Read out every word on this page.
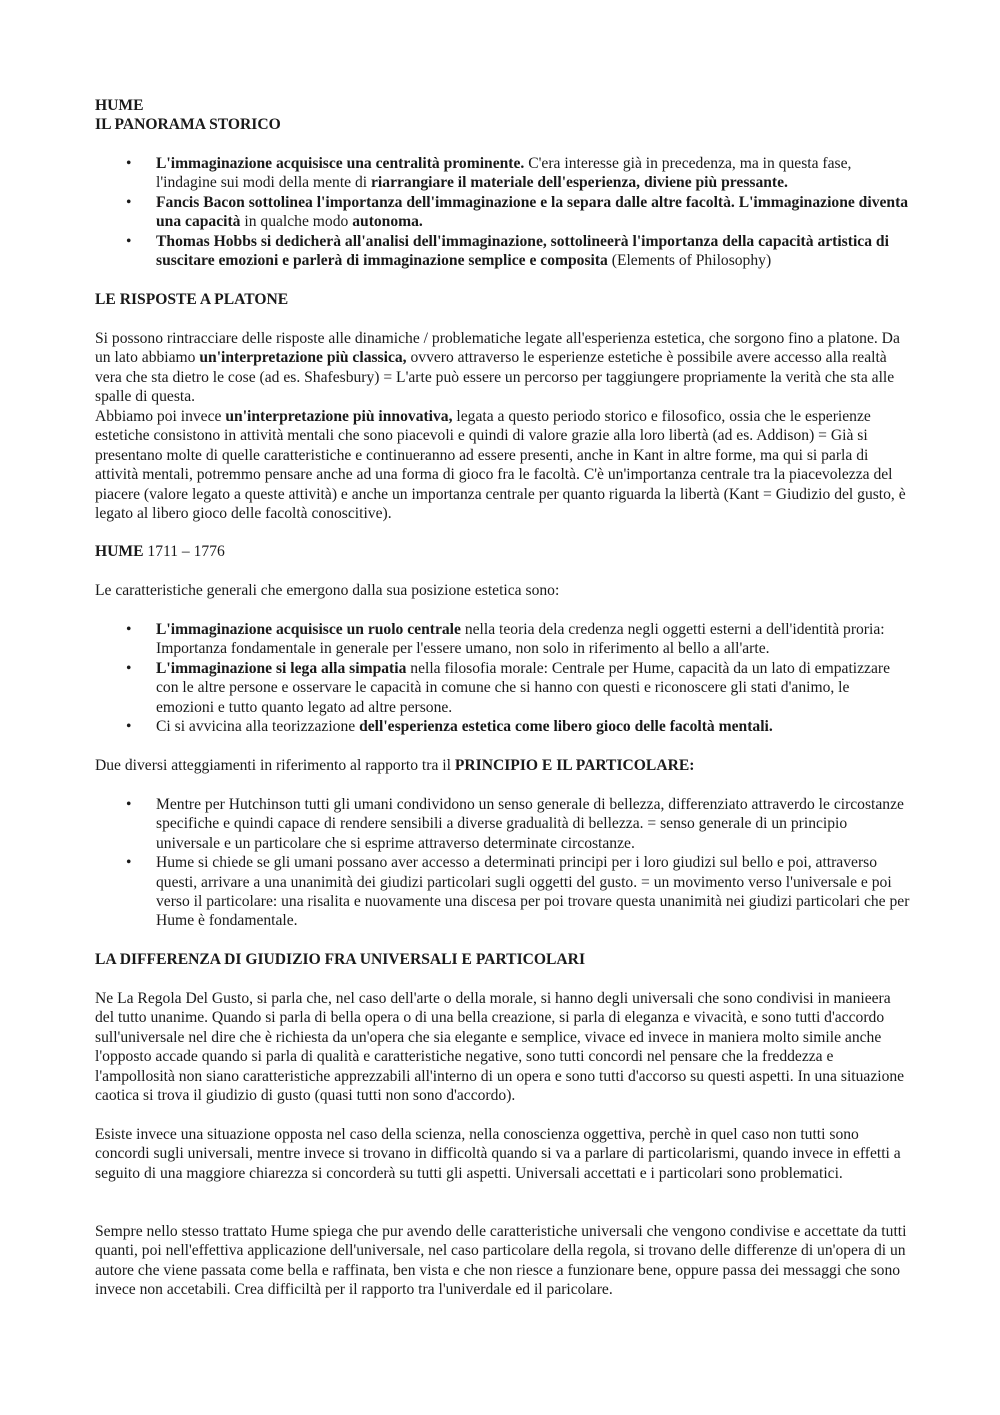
HUME

IL PANORAMA STORICO

• L'immaginazione acquisisce una centralità prominente. C'era interesse già in precedenza, ma in questa fase, l'indagine sui modi della mente di riarrangiare il materiale dell'esperienza, diviene più pressante.
• Fancis Bacon sottolinea l'importanza dell'immaginazione e la separa dalle altre facoltà. L'immaginazione diventa una capacità in qualche modo autonoma.
• Thomas Hobbs si dedicherà all'analisi dell'immaginazione, sottolineerà l'importanza della capacità artistica di suscitare emozioni e parlerà di immaginazione semplice e composita (Elements of Philosophy)

LE RISPOSTE A PLATONE

Si possono rintracciare delle risposte alle dinamiche / problematiche legate all'esperienza estetica, che sorgono fino a platone. Da un lato abbiamo un'interpretazione più classica, ovvero attraverso le esperienze estetiche è possibile avere accesso alla realtà vera che sta dietro le cose (ad es. Shafesbury) = L'arte può essere un percorso per taggiungere propriamente la verità che sta alle spalle di questa.

Abbiamo poi invece un'interpretazione più innovativa, legata a questo periodo storico e filosofico, ossia che le esperienze estetiche consistono in attività mentali che sono piacevoli e quindi di valore grazie alla loro libertà (ad es. Addison) = Già si presentano molte di quelle caratteristiche e continueranno ad essere presenti, anche in Kant in altre forme, ma qui si parla di attività mentali, potremmo pensare anche ad una forma di gioco fra le facoltà. C'è un'importanza centrale tra la piacevolezza del piacere (valore legato a queste attività) e anche un importanza centrale per quanto riguarda la libertà (Kant = Giudizio del gusto, è legato al libero gioco delle facoltà conoscitive).

HUME 1711 – 1776

Le caratteristiche generali che emergono dalla sua posizione estetica sono:

• L'immaginazione acquisisce un ruolo centrale nella teoria dela credenza negli oggetti esterni a dell'identità proria: Importanza fondamentale in generale per l'essere umano, non solo in riferimento al bello a all'arte.
• L'immaginazione si lega alla simpatia nella filosofia morale: Centrale per Hume, capacità da un lato di empatizzare con le altre persone e osservare le capacità in comune che si hanno con questi e riconoscere gli stati d'animo, le emozioni e tutto quanto legato ad altre persone.
• Ci si avvicina alla teorizzazione dell'esperienza estetica come libero gioco delle facoltà mentali.

Due diversi atteggiamenti in riferimento al rapporto tra il PRINCIPIO E IL PARTICOLARE:

• Mentre per Hutchinson tutti gli umani condividono un senso generale di bellezza, differenziato attraverdo le circostanze specifiche e quindi capace di rendere sensibili a diverse gradualità di bellezza. = senso generale di un principio universale e un particolare che si esprime attraverso determinate circostanze.
• Hume si chiede se gli umani possano aver accesso a determinati principi per i loro giudizi sul bello e poi, attraverso questi, arrivare a una unanimità dei giudizi particolari sugli oggetti del gusto. = un movimento verso l'universale e poi verso il particolare: una risalita e nuovamente una discesa per poi trovare questa unanimità nei giudizi particolari che per Hume è fondamentale.

LA DIFFERENZA DI GIUDIZIO FRA UNIVERSALI E PARTICOLARI

Ne La Regola Del Gusto, si parla che, nel caso dell'arte o della morale, si hanno degli universali che sono condivisi in manieera del tutto unanime. Quando si parla di bella opera o di una bella creazione, si parla di eleganza e vivacità, e sono tutti d'accordo sull'universale nel dire che è richiesta da un'opera che sia elegante e semplice, vivace ed invece in maniera molto simile anche l'opposto accade quando si parla di qualità e caratteristiche negative, sono tutti concordi nel pensare che la freddezza e l'ampollosità non siano caratteristiche apprezzabili all'interno di un opera e sono tutti d'accorso su questi aspetti. In una situazione caotica si trova il giudizio di gusto (quasi tutti non sono d'accordo).

Esiste invece una situazione opposta nel caso della scienza, nella conoscienza oggettiva, perchè in quel caso non tutti sono concordi sugli universali, mentre invece si trovano in difficoltà quando si va a parlare di particolarismi, quando invece in effetti a seguito di una maggiore chiarezza si concorderà su tutti gli aspetti. Universali accettati e i particolari sono problematici.

Sempre nello stesso trattato Hume spiega che pur avendo delle caratteristiche universali che vengono condivise e accettate da tutti quanti, poi nell'effettiva applicazione dell'universale, nel caso particolare della regola, si trovano delle differenze di un'opera di un autore che viene passata come bella e raffinata, ben vista e che non riesce a funzionare bene, oppure passa dei messaggi che sono invece non accetabili. Crea difficiltà per il rapporto tra l'univerdale ed il paricolare.
